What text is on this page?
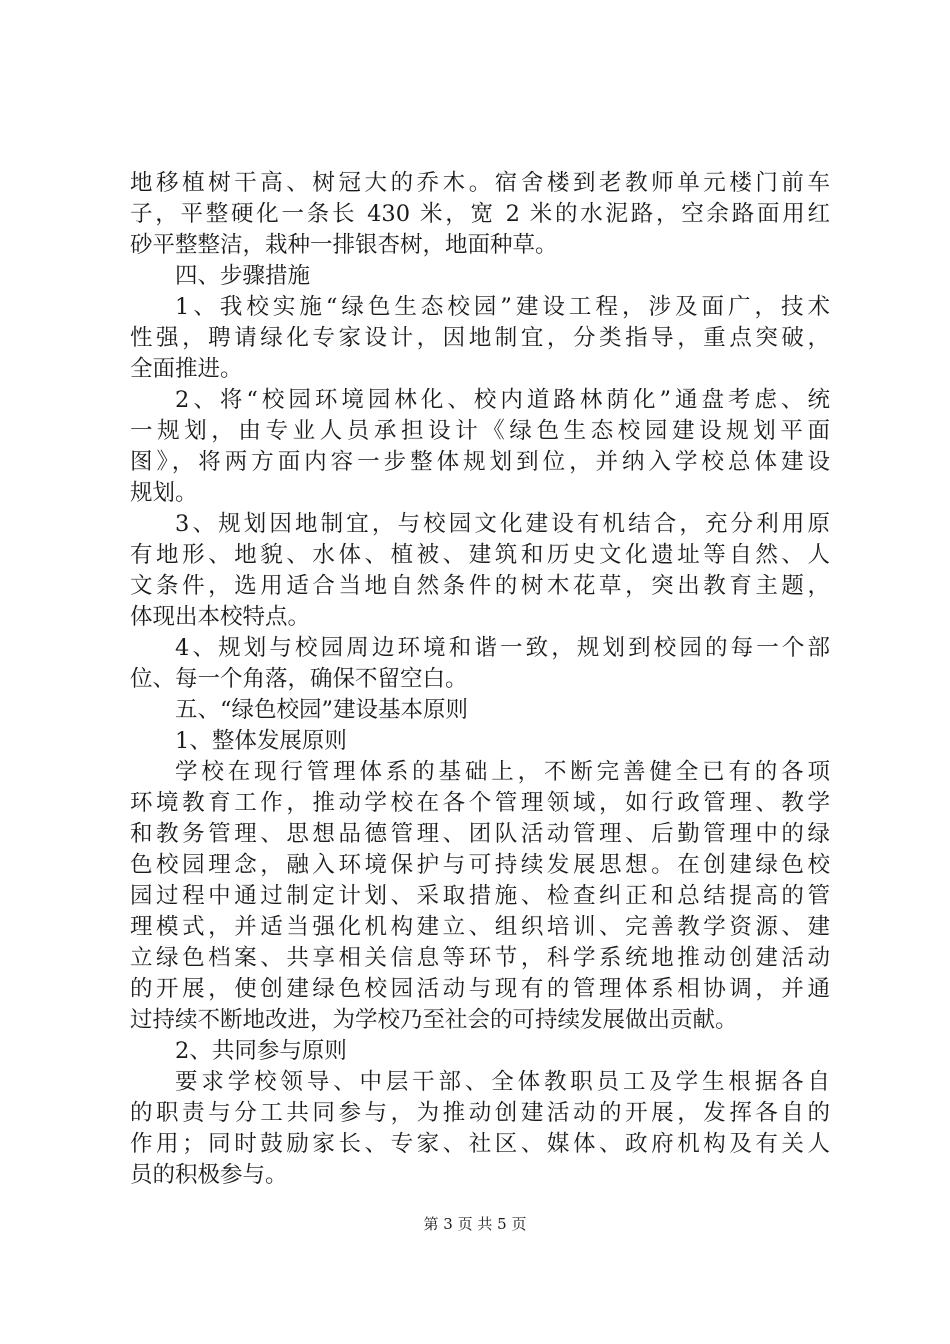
地移植树干高、树冠大的乔木。宿舍楼到老教师单元楼门前车

子，平整硬化一条长 430 米，宽 2 米的水泥路，空余路面用红

砂平整整洁，栽种一排银杏树，地面种草。

四、步骤措施

1、我校实施“绿色生态校园”建设工程，涉及面广，技术

性强，聘请绿化专家设计，因地制宜，分类指导，重点突破，

全面推进。

2、将“校园环境园林化、校内道路林荫化”通盘考虑、统

一规划，由专业人员承担设计《绿色生态校园建设规划平面

图》，将两方面内容一步整体规划到位，并纳入学校总体建设

规划。

3、规划因地制宜，与校园文化建设有机结合，充分利用原

有地形、地貌、水体、植被、建筑和历史文化遗址等自然、人

文条件，选用适合当地自然条件的树木花草，突出教育主题，

体现出本校特点。

4、规划与校园周边环境和谐一致，规划到校园的每一个部

位、每一个角落，确保不留空白。

五、“绿色校园”建设基本原则

1、整体发展原则

学校在现行管理体系的基础上，不断完善健全已有的各项

环境教育工作，推动学校在各个管理领域，如行政管理、教学

和教务管理、思想品德管理、团队活动管理、后勤管理中的绿

色校园理念，融入环境保护与可持续发展思想。在创建绿色校

园过程中通过制定计划、采取措施、检查纠正和总结提高的管

理模式，并适当强化机构建立、组织培训、完善教学资源、建

立绿色档案、共享相关信息等环节，科学系统地推动创建活动

的开展，使创建绿色校园活动与现有的管理体系相协调，并通

过持续不断地改进，为学校乃至社会的可持续发展做出贡献。

2、共同参与原则

要求学校领导、中层干部、全体教职员工及学生根据各自

的职责与分工共同参与，为推动创建活动的开展，发挥各自的

作用；同时鼓励家长、专家、社区、媒体、政府机构及有关人

员的积极参与。

第 3 页 共 5 页
